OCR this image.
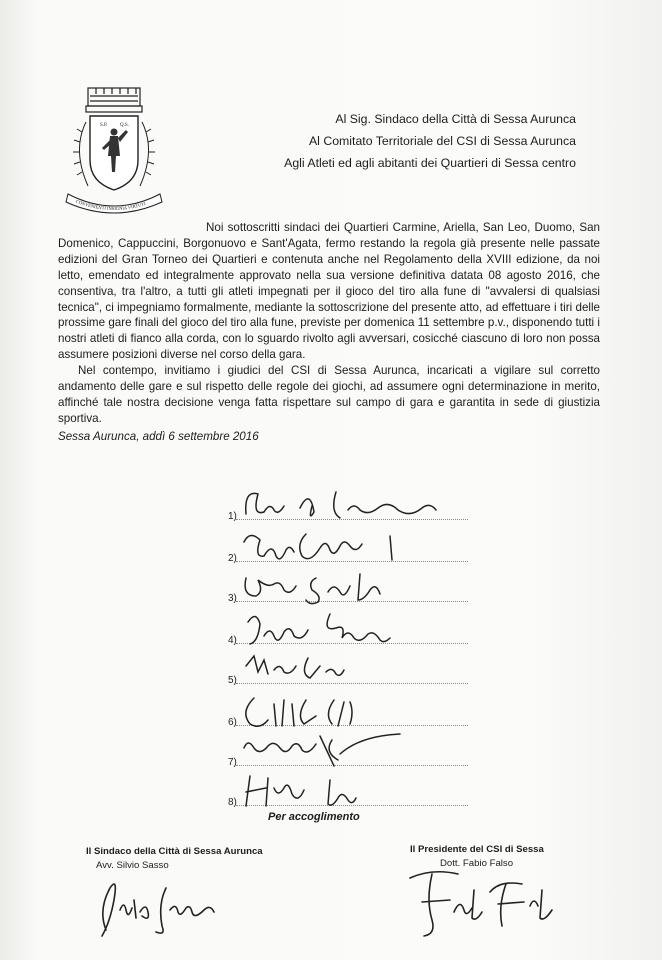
S.P. Q.S.
CONVENIENTI INSIGNIA VIRTUTI
Al Sig. Sindaco della Città di Sessa Aurunca
Al Comitato Territoriale del CSI di Sessa Aurunca
Agli Atleti ed agli abitanti dei Quartieri di Sessa centro

Noi sottoscritti sindaci dei Quartieri Carmine, Ariella, San Leo, Duomo, San Domenico, Cappuccini, Borgonuovo e Sant'Agata, fermo restando la regola già presente nelle passate edizioni del Gran Torneo dei Quartieri e contenuta anche nel Regolamento della XVIII edizione, da noi letto, emendato ed integralmente approvato nella sua versione definitiva datata 08 agosto 2016, che consentiva, tra l'altro, a tutti gli atleti impegnati per il gioco del tiro alla fune di "avvalersi di qualsiasi tecnica", ci impegniamo formalmente, mediante la sottoscrizione del presente atto, ad effettuare i tiri delle prossime gare finali del gioco del tiro alla fune, previste per domenica 11 settembre p.v., disponendo tutti i nostri atleti di fianco alla corda, con lo sguardo rivolto agli avversari, cosicché ciascuno di loro non possa assumere posizioni diverse nel corso della gara.

Nel contempo, invitiamo i giudici del CSI di Sessa Aurunca, incaricati a vigilare sul corretto andamento delle gare e sul rispetto delle regole dei giochi, ad assumere ogni determinazione in merito, affinché tale nostra decisione venga fatta rispettare sul campo di gara e garantita in sede di giustizia sportiva.

Sessa Aurunca, addì 6 settembre 2016
1)
2)
3)
4)
5)
6)
7)
8)
Per accoglimento
Il Sindaco della Città di Sessa Aurunca
Avv. Silvio Sasso
Il Presidente del CSI di Sessa
Dott. Fabio Falso
